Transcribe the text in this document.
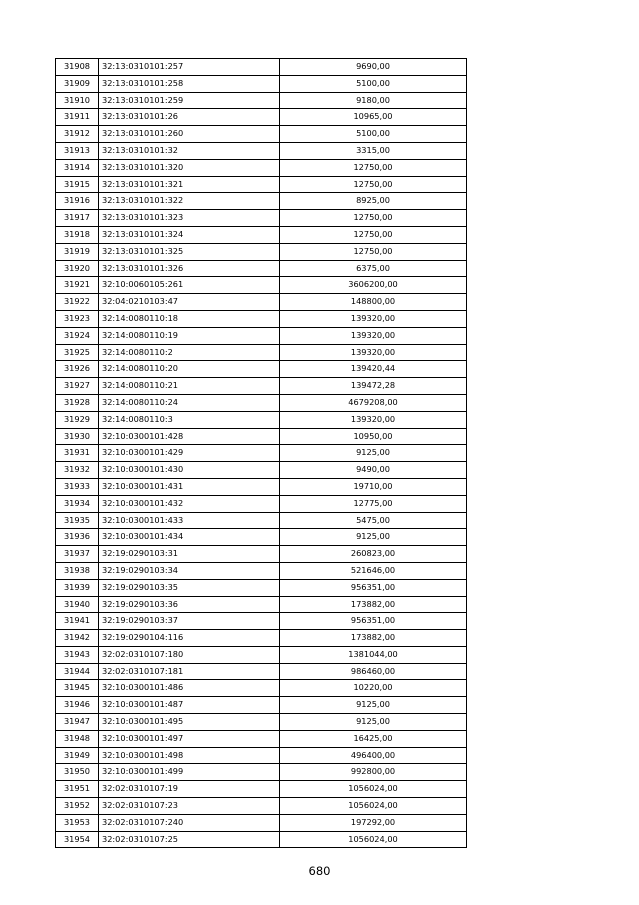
31908	32:13:0310101:257	9690,00
31909	32:13:0310101:258	5100,00
31910	32:13:0310101:259	9180,00
31911	32:13:0310101:26	10965,00
31912	32:13:0310101:260	5100,00
31913	32:13:0310101:32	3315,00
31914	32:13:0310101:320	12750,00
31915	32:13:0310101:321	12750,00
31916	32:13:0310101:322	8925,00
31917	32:13:0310101:323	12750,00
31918	32:13:0310101:324	12750,00
31919	32:13:0310101:325	12750,00
31920	32:13:0310101:326	6375,00
31921	32:10:0060105:261	3606200,00
31922	32:04:0210103:47	148800,00
31923	32:14:0080110:18	139320,00
31924	32:14:0080110:19	139320,00
31925	32:14:0080110:2	139320,00
31926	32:14:0080110:20	139420,44
31927	32:14:0080110:21	139472,28
31928	32:14:0080110:24	4679208,00
31929	32:14:0080110:3	139320,00
31930	32:10:0300101:428	10950,00
31931	32:10:0300101:429	9125,00
31932	32:10:0300101:430	9490,00
31933	32:10:0300101:431	19710,00
31934	32:10:0300101:432	12775,00
31935	32:10:0300101:433	5475,00
31936	32:10:0300101:434	9125,00
31937	32:19:0290103:31	260823,00
31938	32:19:0290103:34	521646,00
31939	32:19:0290103:35	956351,00
31940	32:19:0290103:36	173882,00
31941	32:19:0290103:37	956351,00
31942	32:19:0290104:116	173882,00
31943	32:02:0310107:180	1381044,00
31944	32:02:0310107:181	986460,00
31945	32:10:0300101:486	10220,00
31946	32:10:0300101:487	9125,00
31947	32:10:0300101:495	9125,00
31948	32:10:0300101:497	16425,00
31949	32:10:0300101:498	496400,00
31950	32:10:0300101:499	992800,00
31951	32:02:0310107:19	1056024,00
31952	32:02:0310107:23	1056024,00
31953	32:02:0310107:240	197292,00
31954	32:02:0310107:25	1056024,00
680
